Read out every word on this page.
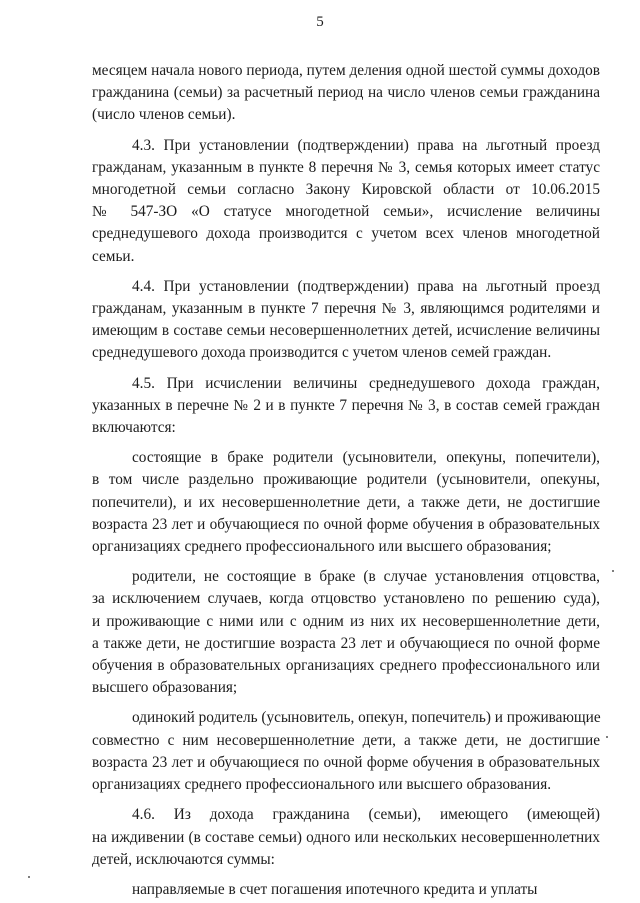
5
месяцем начала нового периода, путем деления одной шестой суммы доходов
гражданина (семьи) за расчетный период на число членов семьи гражданина
(число членов семьи).
4.3. При установлении (подтверждении) права на льготный проезд
гражданам, указанным в пункте 8 перечня № 3, семья которых имеет статус
многодетной семьи согласно Закону Кировской области от 10.06.2015
№ 547-ЗО «О статусе многодетной семьи», исчисление величины
среднедушевого дохода производится с учетом всех членов многодетной
семьи.
4.4. При установлении (подтверждении) права на льготный проезд
гражданам, указанным в пункте 7 перечня № 3, являющимся родителями и
имеющим в составе семьи несовершеннолетних детей, исчисление величины
среднедушевого дохода производится с учетом членов семей граждан.
4.5. При исчислении величины среднедушевого дохода граждан,
указанных в перечне № 2 и в пункте 7 перечня № 3, в состав семей граждан
включаются:
состоящие в браке родители (усыновители, опекуны, попечители),
в том числе раздельно проживающие родители (усыновители, опекуны,
попечители), и их несовершеннолетние дети, а также дети, не достигшие
возраста 23 лет и обучающиеся по очной форме обучения в образовательных
организациях среднего профессионального или высшего образования;
родители, не состоящие в браке (в случае установления отцовства,
за исключением случаев, когда отцовство установлено по решению суда),
и проживающие с ними или с одним из них их несовершеннолетние дети,
а также дети, не достигшие возраста 23 лет и обучающиеся по очной форме
обучения в образовательных организациях среднего профессионального или
высшего образования;
одинокий родитель (усыновитель, опекун, попечитель) и проживающие
совместно с ним несовершеннолетние дети, а также дети, не достигшие
возраста 23 лет и обучающиеся по очной форме обучения в образовательных
организациях среднего профессионального или высшего образования.
4.6. Из дохода гражданина (семьи), имеющего (имеющей)
на иждивении (в составе семьи) одного или нескольких несовершеннолетних
детей, исключаются суммы:
направляемые в счет погашения ипотечного кредита и уплаты
